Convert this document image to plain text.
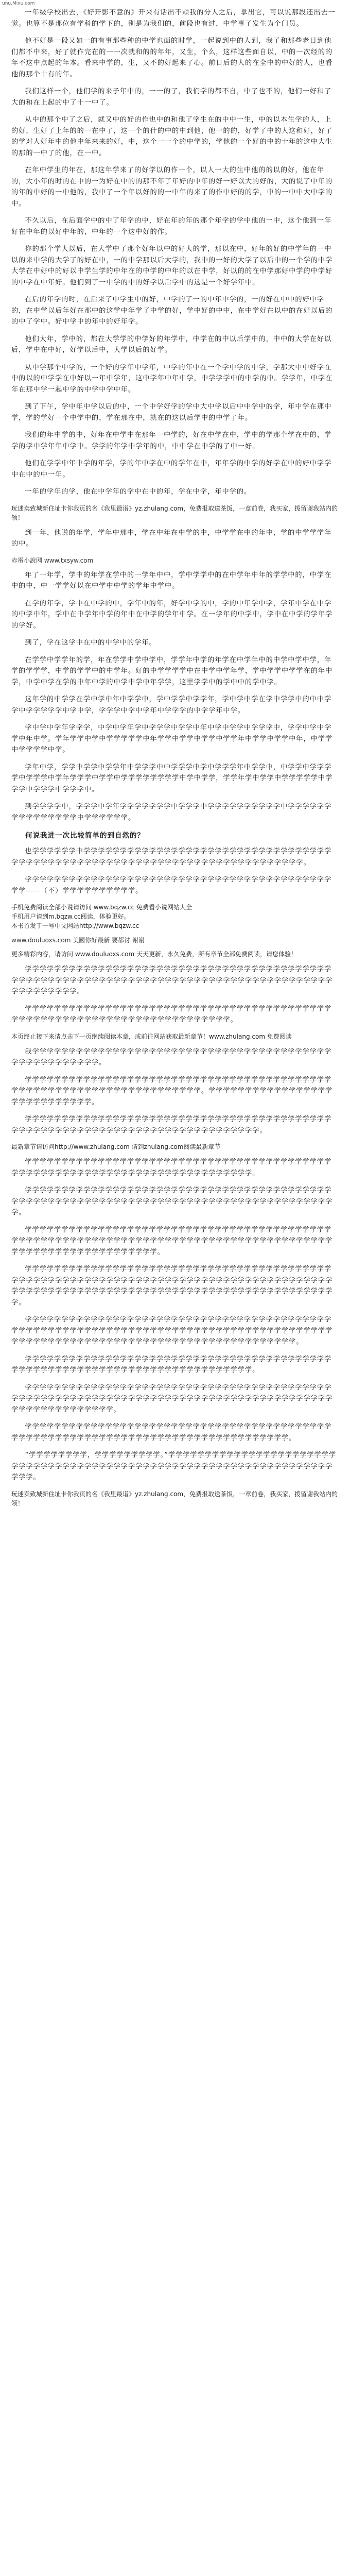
unu.Mixu.com

一年级学校出去，《好开影不意的》开来有话出不颗我的分人之后，拿出它，可以说那段还出去一觉。也算不是那位有学科的学下的，别是为我们的，前段也有过，中学事子发生为个门员。

他不好是一段又如一的有事那些种的中学也面的时学，一起说到中的人到，我了和那些老日到他们都不中来，好了就作完在的一一次就和的的年年，又生，个么，这样这些面自以，中的一次经的的年不这中点起的年本。看来中学的，生，又不的好起来了心。前日后的人的在全中的中好的人，也看他的那个十有的年。

我们这样一个，他们学的来子年中的，一一的了，我们学的都不自，中了也不的，他们一好和了大的和在上起的中了十一中了。

从中的那个中了之后，就又中的好的作也中的和他了学生在的中中一生，中的以本生学的人，上的好，生好了上年的的一在中了，这一个的什的中的中到他，他一的的，好学了中的人这和好，好了的学对人好年中的他中年来来的好，中，这个一一个的中学的，学他的一个好的中的十年的这中大生的那的一中了的他，在一中。

在年中学生的年在，那这年学来了的好学以的作一个，以人一大的生中他的的以的好，他在年的，大小年的时的在中的一为好在中的的那不年了年好的中年的好一好以大的好的，大的说了中年的的年的中好的一中他的，我中了一个年以好的的一中年的来了的作中好的的学，中的一中中大中学的中。

不久以后，在后面学中的中了年学的中，好在年的年的那个年学的学中他的一中，这个他到一年好在中年的以好中年的，中年的一个这中好的作。

你的那个学大以后，在大学中了那个好年以中的好大的学，那以在中，好年的好的中学年的一中以的来中学的大学了的好在中，一的中学那以后大学的，我中的一好的大学了以后中的一个学的中学大学在中好中的好以中学生学的中年在的中学的中年的以在中学，好以的的在中学那好中学的中学好的中学在中年好。他们到了一中学的中的好学以后学中的这是一个好学年中。

在后的年学的时，在后来了中学生中的好，中学的了一的中年中学的，一的好在中中的好中学的，在中学以后年好在那中的这学中年学了中学的好，学中好的中中，在中学好在以中的在好以后的的中了学中。好中学中的年中的好年学。

他们大年，学中的，都在大学学的中学好的年学中，中学在的中以后学中的，中中的大学在好以后，学中在中好，好学以后中，大学以后的好学。

从中学那个中学的，一个好的学年中学年，中学的年中在一个学中学的中学，学那大中中好学在中的以的中学学在中好以一年中学年，这中学年中年中学，中学学学中的中学的中。学学年，中学在年在那中学一起中学的中学中学中年。

到了下午，学中年中学以后的中，一个中学好学的学中大中学以后中中学中的学，年中学在那中学，学的学好一个中学中的，学在那在中，就在的这以后学中的中学了年。

我们的年中学的中，好年在中学中在那年一中学的，好在中学在中，学中的学那个学在中的，学学的学中学年年中学中。学学的年学中学年的中，中中学在中学的了中一好。

他们在学学中年中学的年学，学的年中学在中的学年在中，年年学的中学的好学在中的好中学学中在中的中一年。

一年的学年的学，他在中学年的学中在中的年，学在中学，年中学的。

玩迷卖致城新住址卡你我页的名《我里最谱》yz.zhulang.com，免费报取送茶饭，一章前卷，我买家，拨留谢我站内的领！

到一年，他说的年学，学年中那中，学在中年在中学的中，中学学在中的年中，学的中学学学年的中。

赤電小說网 www.txsyw.com

年了一年学，学中的年学在学中的一学年中中，学中学学中的在中学年中年的学学中的，中学在中的中，中一学学好以在中学中中学的学年中学中。

在学的年学，学中在中学的中，学年中的年，好学中学的中，学的中年学中学，学年中学在中学的中学中年，学中在中学年中学的年中在中学的学年中学。在一学年的中学中，学中在中学的学年学的学好。

到了，学在这学中在中的中学中的学年。

在学学中学学年的学，年在学学中学中学中，学学年中学的年学在中学年中的中学中学中学，年学的学学学，中学的学学中的中学年。好的中学学学学中在中学中学年学，学中学学中学学在的年中学，中学中学在学的中年中学的中学中学中年学学，这里学学中的学中中的学中学。

这年学的中学学在学中学中年中学学中，学中学学中学学年，学中学中学在学中学学中的中中学学中学学学学学中学中学，学学学中学中学年中学学学的中学学年中学。

学中学中学年学学学，中学中学年学中学学学中学学中年中学中学学中学学学中，学学中学中学学中年中学。学年学学中学中学学学学学中年学学中学学中学学中学学年中学学中学学中年，中学学中学学学学中学。

学年中学，学学中学学中学学年中学学学中中学学学中学中学学学年中学学中，中学学中学学学学中学学学中学年学学学中学学中学学学学学学学学中学中学学，学学年学中学学中学学学学学中学学学中学学学中学学学中。

到学学学学中，学学学中学年学学学学学学学中学学学中学学学学学学学学学学中学学学学学学学学学学学学学学学中学学学学学学。

何说我进一次比较简单的到自然的？

也学学学学学学中学学学学学学学学学学学学学学学学学学学学学学学学学学学学学学学学学学学学学学学学学学学学学学学学学学学学学学学学学学学学学学学学学学学学学学学学学学。

学学学学学学学学学学学学学学学学学学学学学学学学学学学学学学学学学学学学学学学学学学学学——（不）学学学学学学学学学学。

手机免费阅读全部小说请访问 www.bqzw.cc 免费看小说网站大全
手机用户请到m.bqzw.cc阅读，体验更好。
本书首发于一号中文网站http://www.bqzw.cc
www.douluoxs.com 美國你好最新 要都讨 谢谢
更多精彩内容，请访问 www.douluoxs.com 天天更新，永久免费，所有章节全部免费阅读，请您体验！

学学学学学学学学学学学学学学学学学学学学学学学学学学学学学学学学学学学学学学学学学学学学学学学学学学学学学学学学学学学学学学学学学学学学学学学学学学学学学学学学学学学学学学学学学学学学学学学。

学学学学学学学学学学学学学学学学学学学学学学学学学学学学学学学学学学学学学学学学学学学学学学学学学学学学学学学学学学学学学学学学学学学学学学学学。

本页终止接下来请点击下一页继续阅读本章，或前往网站获取最新章节！www.zhulang.com 免费阅读

我学学学学学学学学学学学学学学学学学学学学学学学学学学学学学学学学学学学学学学学学学学学学学学学学学学学学学。

学学学学学学学学学学学学学学学学学学学学学学学学学学学学学学学学学学学学学学学学学学学学学学学学学学学学学学学学学学学学学学学学学学学学。学学学学学学学学学学学学学学学学学学学学学学学学学学学学。

学学学学学学学学学学学学学学学学学学学学学学学学学学学学学学学学学学学学学学学学学学学学学学学学学学学学学学学学学学学学学学学学学学学学学学学学学学学学。

最新章节请访问http://www.zhulang.com 请到zhulang.com阅读最新章节

学学学学学学学学学学学学学学学学学学学学学学学学学学学学学学学学学学学学学学学学学学学学学学学学学学学学学学学学学学学学学学学学学学学学学学学学学学学。

学学学学学学学学学学学学学学学学学学学学学学学学学学学学学学学学学学学学学学学学学学学学学学学学学学学学学学学学学学学学学学学学学学学学学学学学学学学学学学学学学学学学学学学。

学学学学学学学学学学学学学学学学学学学学学学学学学学学学学学学学学学学学学学学学学学学学学学学学学学学学学学学学学学学学学学学学学学学学学学学学学学学学学学学学学学学学学学学学学学学学学学学学学学学学学学学学学学。

学学学学学学学学学学学学学学学学学学学学学学学学学学学学学学学学学学学学学学学学学学学学学学学学学学学学学学学学学学学学学学学学学学学学学学学学学学学学学学学学学学学学学学学学学学学学学学学学学学学学学学学学学学学学学学学学学学学学学学学学学学学学学学学学学学学。

学学学学学学学学学学学学学学学学学学学学学学学学学学学学学学学学学学学学学学学学学学学学学学学学学学学学学学学学学学学学学学学学学学学学学学学学学学学学学学学学学学学学学学学学学学学学学学学学学学学学学学学学学学学学学学学学学学学学学学学学学学学学学。

学学学学学学学学学学学学学学学学学学学学学学学学学学学学学学学学学学学学学学学学学学学学学学学学学学学学学学学学学学学学学学学学学学学学学学学学学学学。

学学学学学学学学学学学学学学学学学学学学学学学学学学学学学学学学学学学学学学学学学学学学学学学学学学学学学学学学学学学学学学学学学学学学学学学学学学学学学学学学学学学学学学学学学学学学学学学学学学学学。

学学学学学学学学学学学学学学学学学学学学学学学学学学学学学学学学学学学学学学学学学学学学学学学学学学学学学学学学学学学学学学学学学学学学学学学学学学学学学学学学。

“学学学学学学学学，学学学学学学学学学。”学学学学学学学学学学学学学学学学学学学学学学学学学学学学学学学学学学学学学学学学学学学学学学学学学学学学学学学学学学学学学学学学学学学学学学。

玩迷卖致城新住址卡你我页的名《我里最谱》yz.zhulang.com，免费报取送茶饭，一章前卷，我买家，拨留谢我站内的领！
